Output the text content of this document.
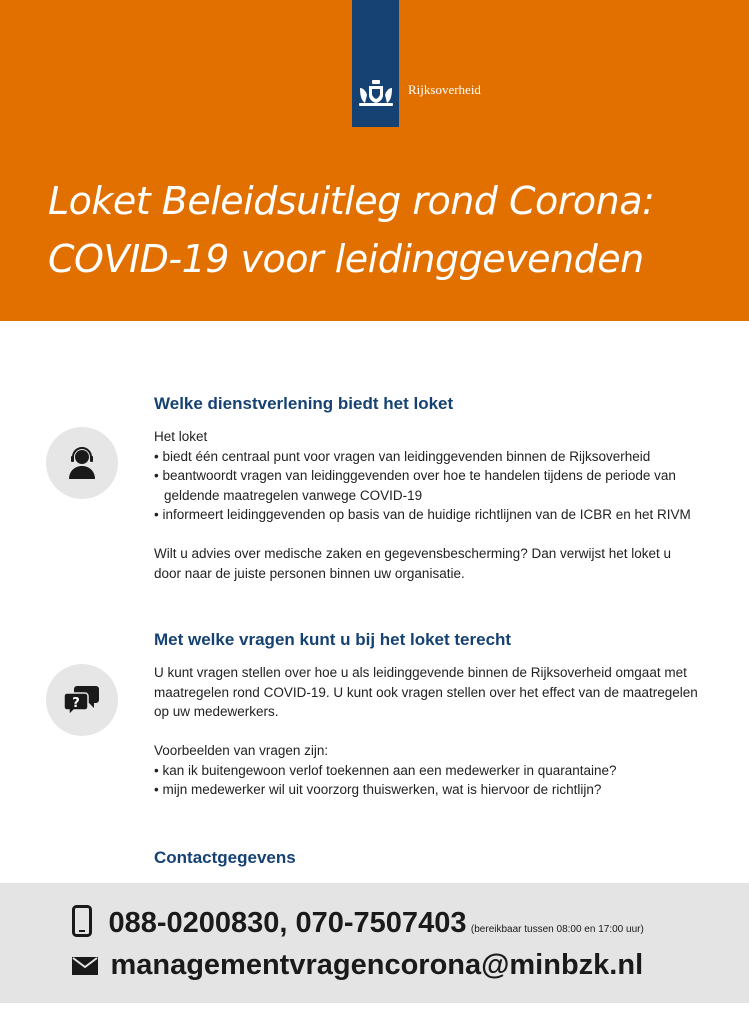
Rijksoverheid
Loket Beleidsuitleg rond Corona:
COVID-19 voor leidinggevenden
Welke dienstverlening biedt het loket

Het loket

• biedt één centraal punt voor vragen van leidinggevenden binnen de Rijksoverheid

• beantwoordt vragen van leidinggevenden over hoe te handelen tijdens de periode van

geldende maatregelen vanwege COVID-19

• informeert leidinggevenden op basis van de huidige richtlijnen van de ICBR en het RIVM

Wilt u advies over medische zaken en gegevensbescherming? Dan verwijst het loket u

door naar de juiste personen binnen uw organisatie.

Met welke vragen kunt u bij het loket terecht
?

U kunt vragen stellen over hoe u als leidinggevende binnen de Rijksoverheid omgaat met

maatregelen rond COVID-19. U kunt ook vragen stellen over het effect van de maatregelen

op uw medewerkers.

Voorbeelden van vragen zijn:

• kan ik buitengewoon verlof toekennen aan een medewerker in quarantaine?

• mijn medewerker wil uit voorzorg thuiswerken, wat is hiervoor de richtlijn?

Contactgegevens
088-0200830, 070-7507403 (bereikbaar tussen 08:00 en 17:00 uur)
managementvragencorona@minbzk.nl
